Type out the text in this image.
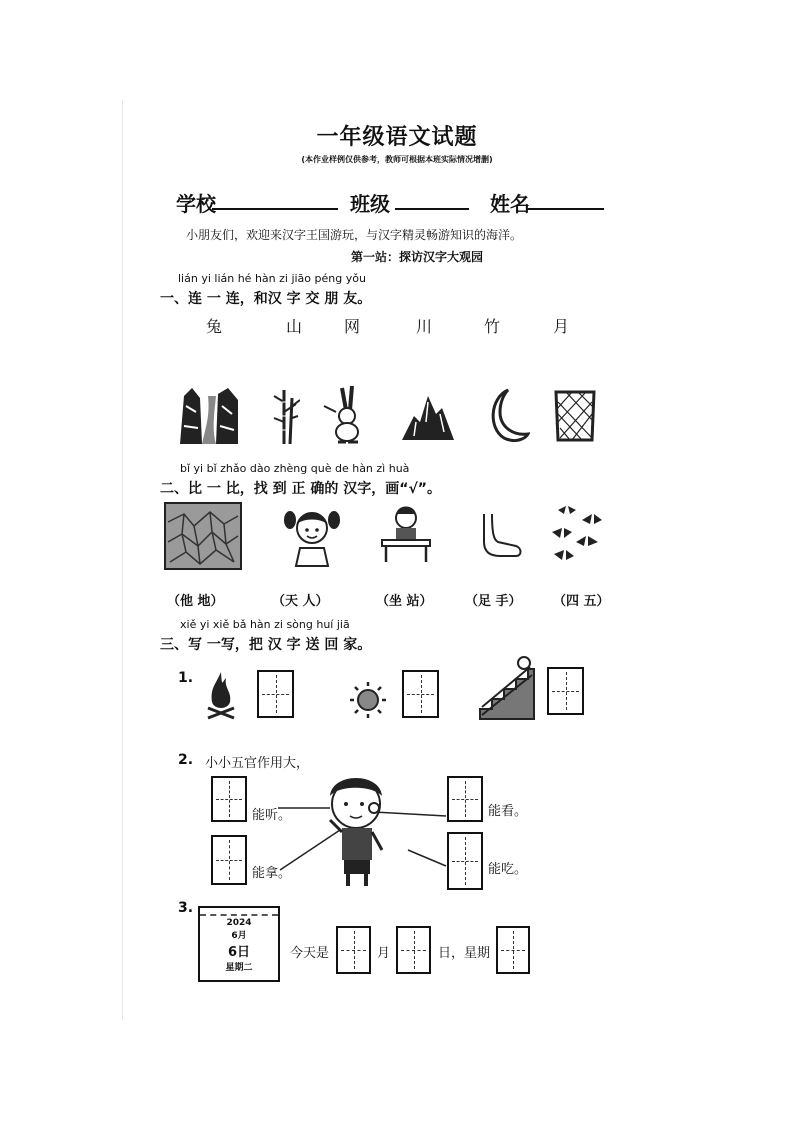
一年级语文试题
(本作业样例仅供参考，教师可根据本班实际情况增删)
学校	班级	姓名
小朋友们，欢迎来汉字王国游玩，与汉字精灵畅游知识的海洋。
第一站：探访汉字大观园
lián yi lián hé hàn zi jiāo péng yǒu
一、连 一 连，和汉 字 交 朋 友。
兔	山	网	川	竹	月
bǐ yi bǐ zhǎo dào zhèng què de hàn zì huà
二、比 一 比，找 到 正 确的 汉字，画“√”。
（他 地）	（天 人）	（坐 站） （足 手） （四 五）
xiě yi xiě bǎ hàn zi sòng huí jiā
三、写 一写，把 汉 字 送 回 家。
1.
2. 小小五官作用大，
能听。
能拿。
能看。
能吃。
3.
2024
6月
6日
星期二
今天是	月	日，星期
